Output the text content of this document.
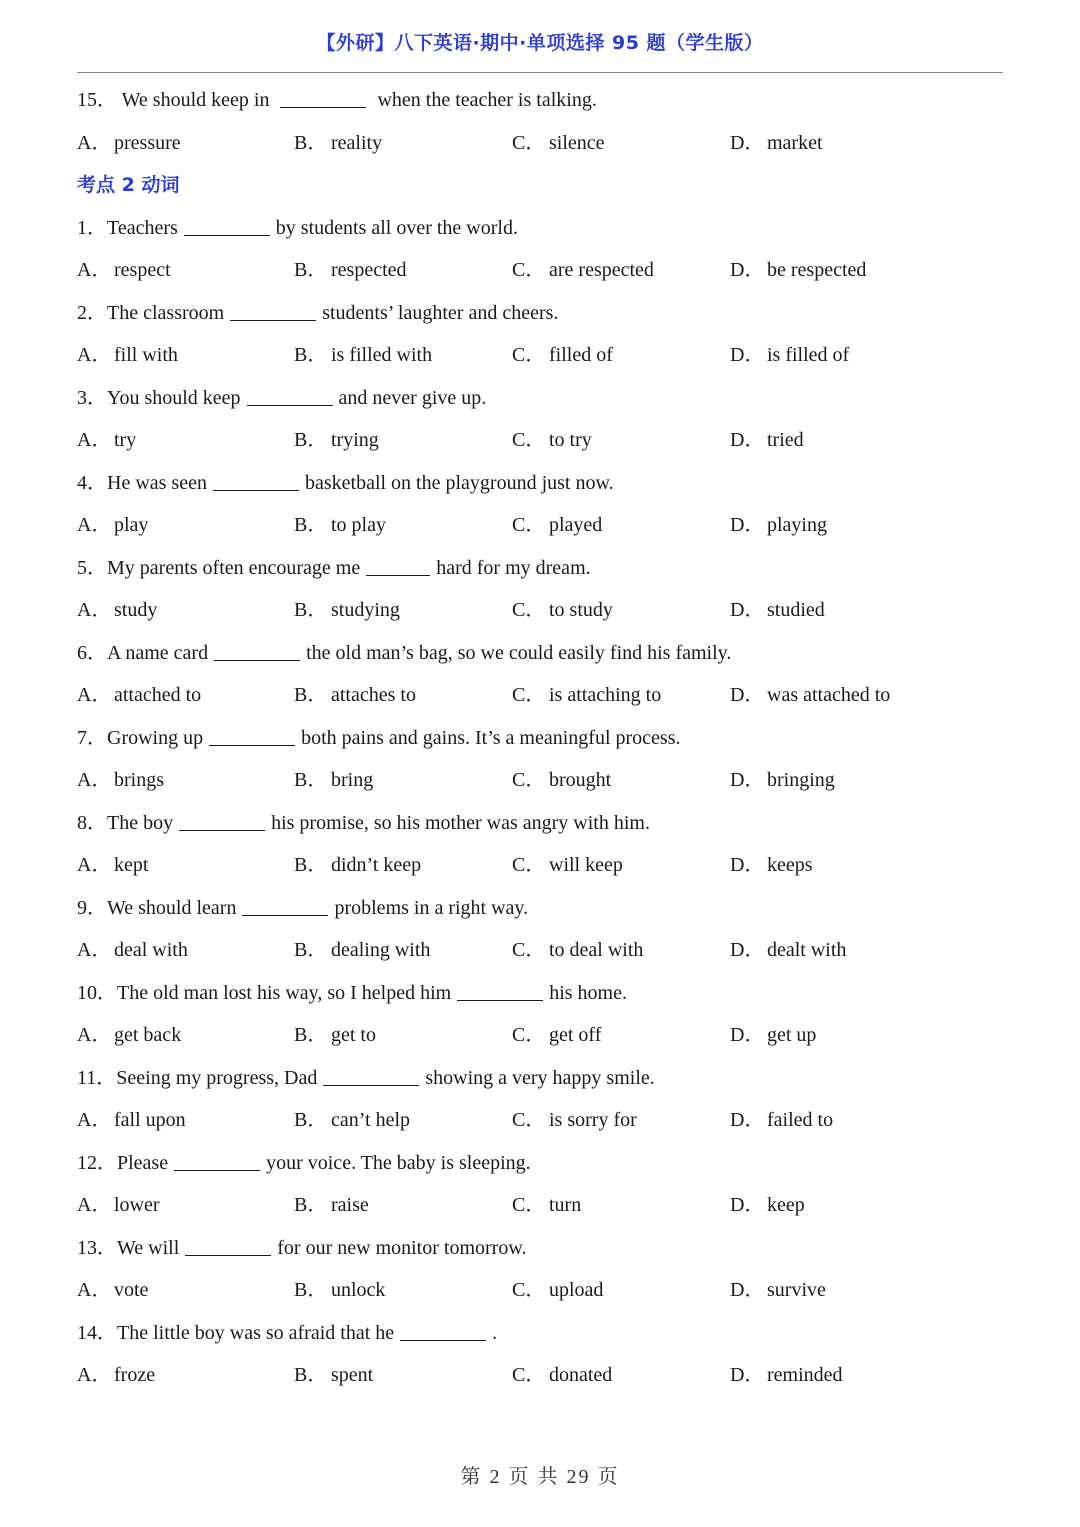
【外研】八下英语·期中·单项选择 95 题（学生版）
15． We should keep in	when the teacher is talking.
A． pressure	B． reality	C． silence	D． market
考点 2 动词
1．Teachers	by students all over the world.
A． respect	B． respected	C． are respected	D． be respected
2．The classroom	students’ laughter and cheers.
A． fill with	B． is filled with	C． filled of	D． is filled of
3．You should keep	and never give up.
A． try	B． trying	C． to try	D． tried
4．He was seen	basketball on the playground just now.
A． play	B． to play	C． played	D． playing
5．My parents often encourage me	hard for my dream.
A． study	B． studying	C． to study	D． studied
6．A name card	the old man’s bag, so we could easily find his family.
A． attached to	B． attaches to	C． is attaching to	D． was attached to
7．Growing up	both pains and gains. It’s a meaningful process.
A． brings	B． bring	C． brought	D． bringing
8．The boy	his promise, so his mother was angry with him.
A． kept	B． didn’t keep	C． will keep	D． keeps
9．We should learn	problems in a right way.
A． deal with	B． dealing with	C． to deal with	D． dealt with
10．The old man lost his way, so I helped him	his home.
A． get back	B． get to	C． get off	D． get up
11．Seeing my progress, Dad	showing a very happy smile.
A． fall upon	B． can’t help	C． is sorry for	D． failed to
12．Please	your voice. The baby is sleeping.
A． lower	B． raise	C． turn	D． keep
13．We will	for our new monitor tomorrow.
A． vote	B． unlock	C． upload	D． survive
14．The little boy was so afraid that he	.
A． froze	B． spent	C． donated	D． reminded
第 2 页 共 29 页
